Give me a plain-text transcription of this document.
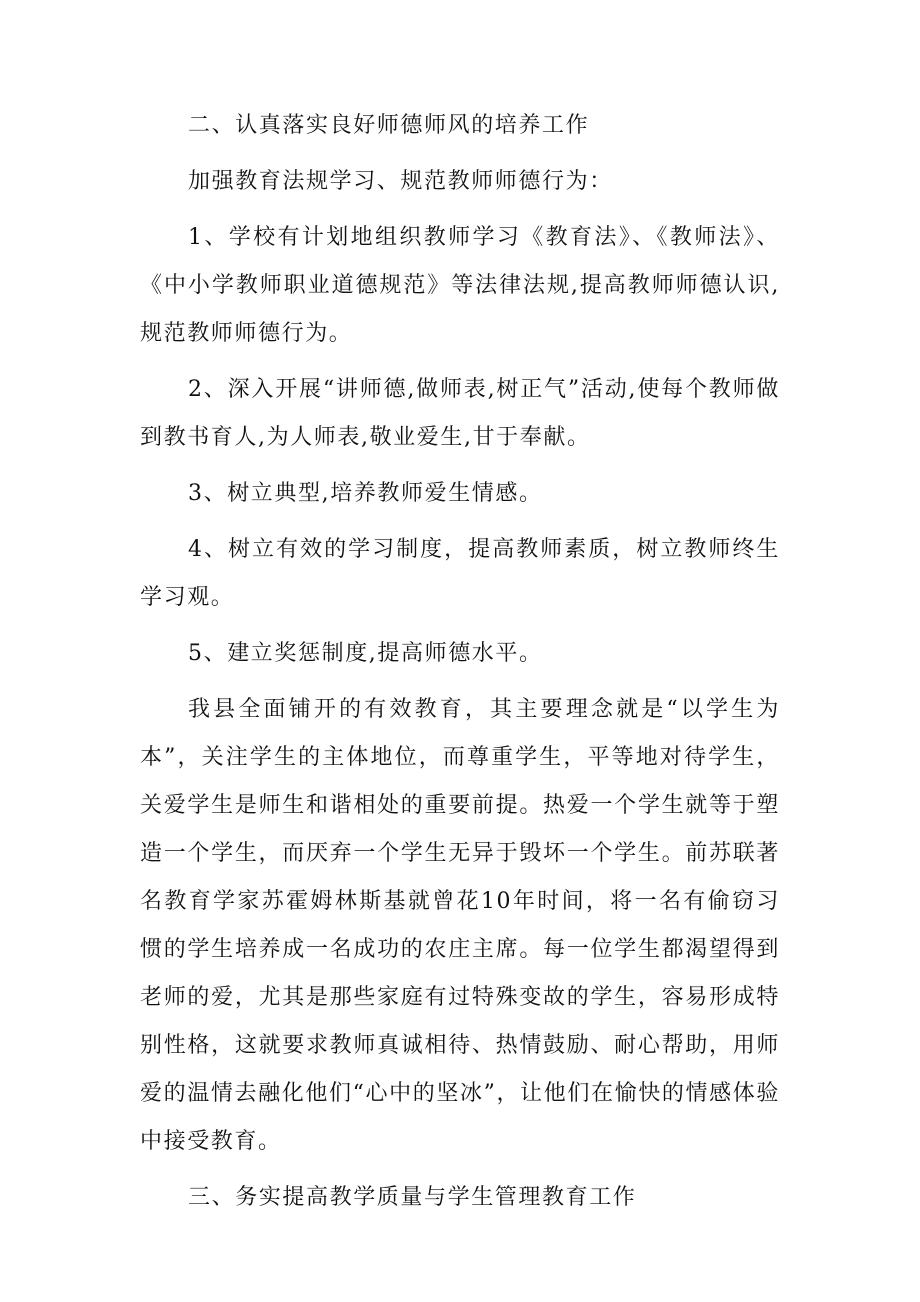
二、认真落实良好师德师风的培养工作

加强教育法规学习、规范教师师德行为：

1、学校有计划地组织教师学习《教育法》、《教师法》、《中小学教师职业道德规范》等法律法规,提高教师师德认识,规范教师师德行为。

2、深入开展“讲师德,做师表,树正气”活动,使每个教师做到教书育人,为人师表,敬业爱生,甘于奉献。

3、树立典型,培养教师爱生情感。

4、树立有效的学习制度，提高教师素质，树立教师终生学习观。

5、建立奖惩制度,提高师德水平。

我县全面铺开的有效教育，其主要理念就是“以学生为本”，关注学生的主体地位，而尊重学生，平等地对待学生，关爱学生是师生和谐相处的重要前提。热爱一个学生就等于塑造一个学生，而厌弃一个学生无异于毁坏一个学生。前苏联著名教育学家苏霍姆林斯基就曾花10年时间，将一名有偷窃习惯的学生培养成一名成功的农庄主席。每一位学生都渴望得到老师的爱，尤其是那些家庭有过特殊变故的学生，容易形成特别性格，这就要求教师真诚相待、热情鼓励、耐心帮助，用师爱的温情去融化他们“心中的坚冰”，让他们在愉快的情感体验中接受教育。

三、务实提高教学质量与学生管理教育工作
